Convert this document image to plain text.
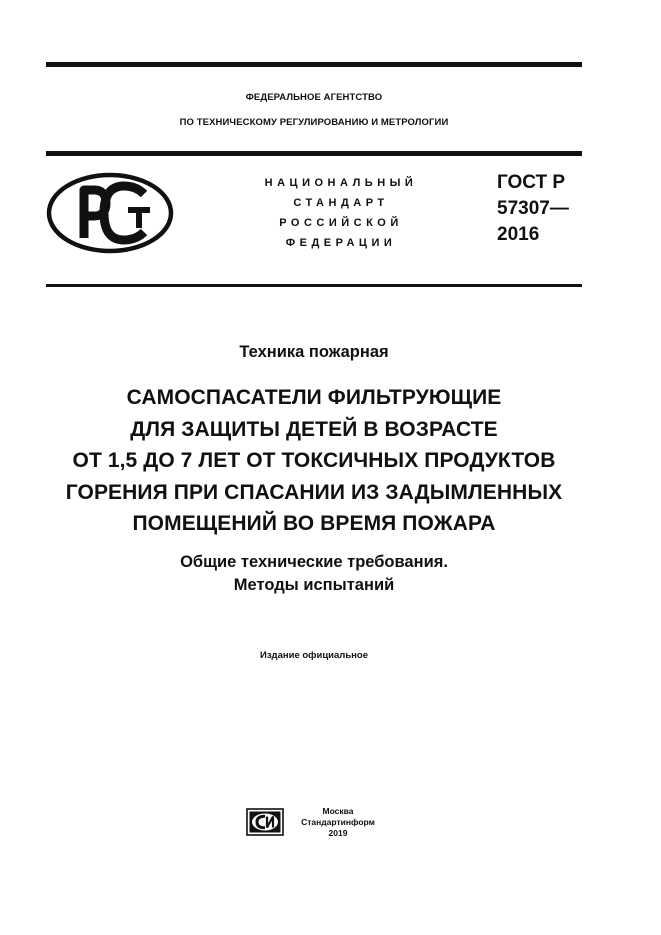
ФЕДЕРАЛЬНОЕ АГЕНТСТВО
ПО ТЕХНИЧЕСКОМУ РЕГУЛИРОВАНИЮ И МЕТРОЛОГИИ
НАЦИОНАЛЬНЫЙ
СТАНДАРТ
РОССИЙСКОЙ
ФЕДЕРАЦИИ
ГОСТ Р
57307—
2016
Техника пожарная
САМОСПАСАТЕЛИ ФИЛЬТРУЮЩИЕ
ДЛЯ ЗАЩИТЫ ДЕТЕЙ В ВОЗРАСТЕ
ОТ 1,5 ДО 7 ЛЕТ ОТ ТОКСИЧНЫХ ПРОДУКТОВ
ГОРЕНИЯ ПРИ СПАСАНИИ ИЗ ЗАДЫМЛЕННЫХ
ПОМЕЩЕНИЙ ВО ВРЕМЯ ПОЖАРА
Общие технические требования.
Методы испытаний
Издание официальное
Москва
Стандартинформ
2019
